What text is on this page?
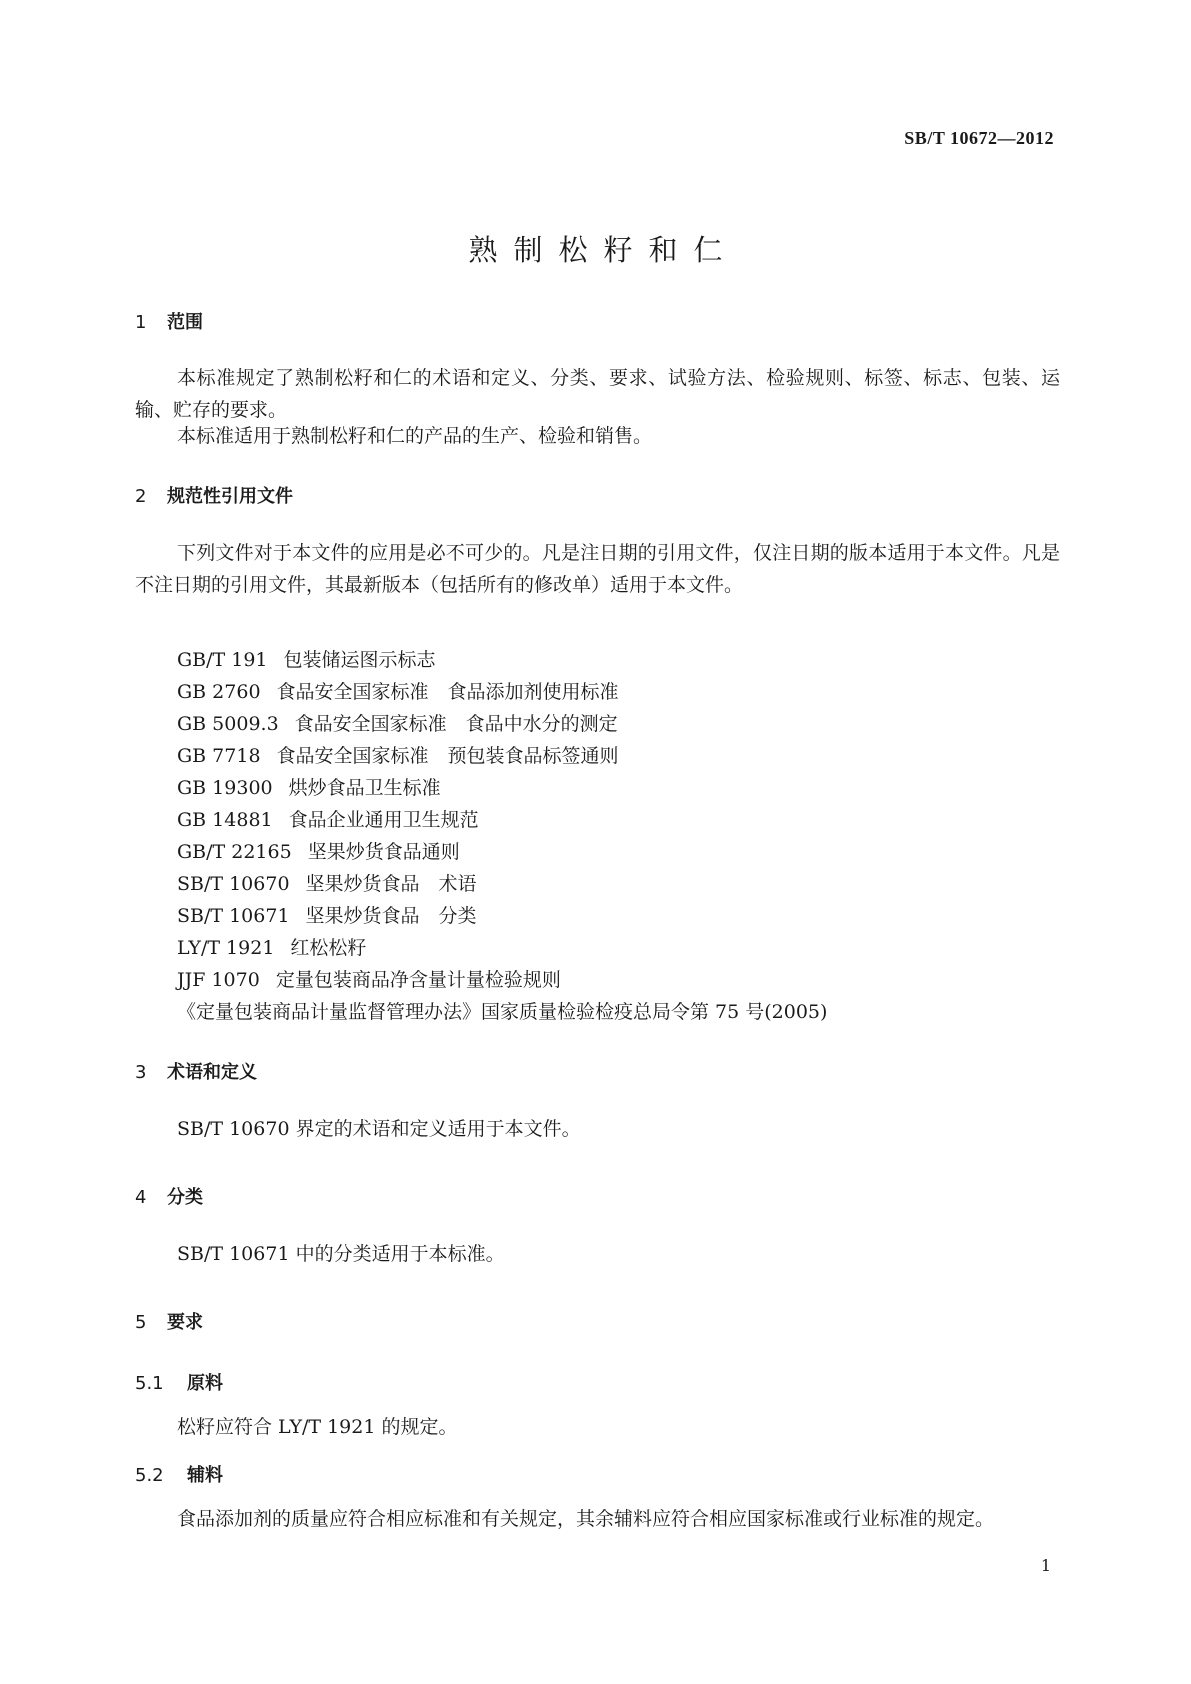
SB/T 10672—2012
熟制松籽和仁
1 范围

本标准规定了熟制松籽和仁的术语和定义、分类、要求、试验方法、检验规则、标签、标志、包装、运输、贮存的要求。

本标准适用于熟制松籽和仁的产品的生产、检验和销售。

2 规范性引用文件

下列文件对于本文件的应用是必不可少的。凡是注日期的引用文件，仅注日期的版本适用于本文件。凡是不注日期的引用文件，其最新版本（包括所有的修改单）适用于本文件。

GB/T 191 包装储运图示标志
GB 2760 食品安全国家标准　食品添加剂使用标准
GB 5009.3 食品安全国家标准　食品中水分的测定
GB 7718 食品安全国家标准　预包装食品标签通则
GB 19300 烘炒食品卫生标准
GB 14881 食品企业通用卫生规范
GB/T 22165 坚果炒货食品通则
SB/T 10670 坚果炒货食品　术语
SB/T 10671 坚果炒货食品　分类
LY/T 1921 红松松籽
JJF 1070 定量包装商品净含量计量检验规则
《定量包装商品计量监督管理办法》国家质量检验检疫总局令第 75 号(2005)
3 术语和定义

SB/T 10670 界定的术语和定义适用于本文件。

4 分类

SB/T 10671 中的分类适用于本标准。

5 要求
5.1 原料

松籽应符合 LY/T 1921 的规定。

5.2 辅料

食品添加剂的质量应符合相应标准和有关规定，其余辅料应符合相应国家标准或行业标准的规定。

1
